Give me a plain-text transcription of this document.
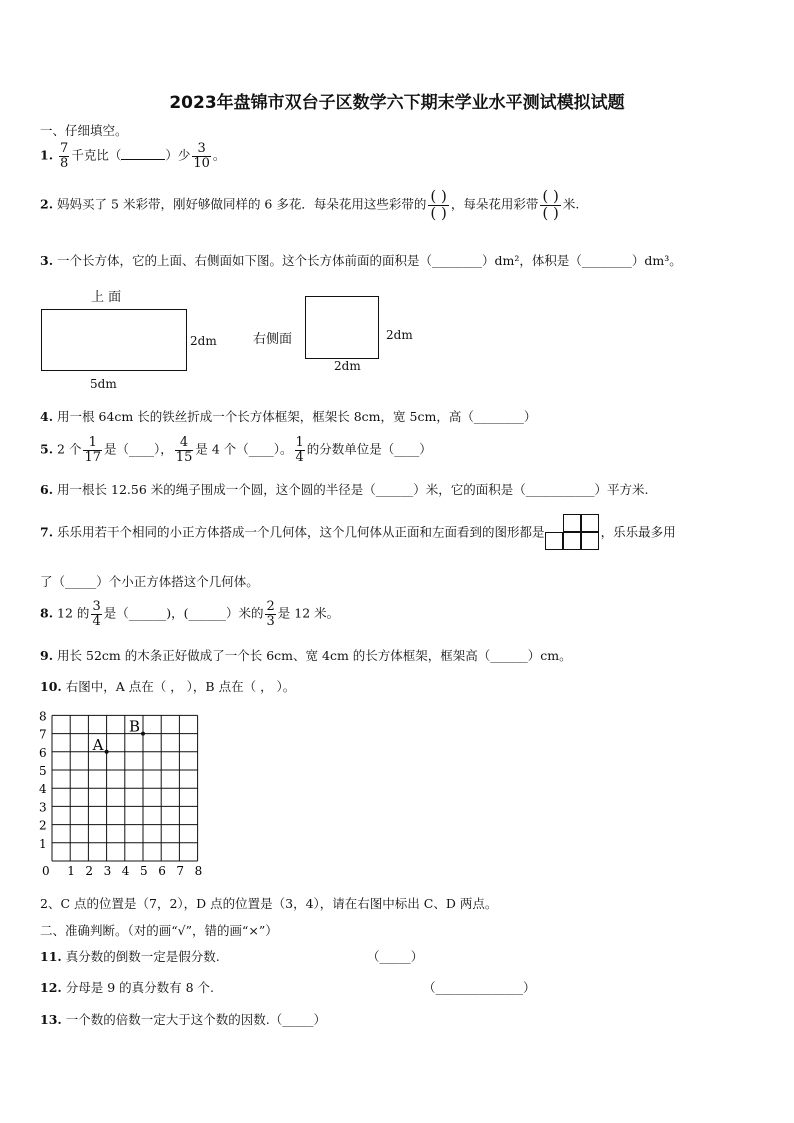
2023年盘锦市双台子区数学六下期末学业水平测试模拟试题
一、仔细填空。
1. $\frac{7}{8}$ 千克比（	）少 $\frac{3}{10}$ 。
2. 妈妈买了 5 米彩带，刚好够做同样的 6 多花．每朵花用这些彩带的 ( )
( ) ，每朵花用彩带 ( )
( ) 米.
3. 一个长方体，它的上面、右侧面如下图。这个长方体前面的面积是（________）dm²，体积是（________）dm³。
上 面
2dm
5dm
右侧面	2dm
2dm
4. 用一根 64cm 长的铁丝折成一个长方体框架，框架长 8cm，宽 5cm，高（________）
5. 2 个 $\frac{1}{17}$ 是（____）， $\frac{4}{15}$ 是 4 个（____）。 $\frac{1}{4}$ 的分数单位是（____）
6. 用一根长 12.56 米的绳子围成一个圆，这个圆的半径是（______）米，它的面积是（___________）平方米.
7. 乐乐用若干个相同的小正方体搭成一个几何体，这个几何体从正面和左面看到的图形都是	，乐乐最多用
了（_____）个小正方体搭这个几何体。
8. 12 的 $\frac{3}{4}$ 是（______)，(______）米的 $\frac{2}{3}$ 是 12 米。
9. 用长 52cm 的木条正好做成了一个长 6cm、宽 4cm 的长方体框架，框架高（______）cm。
10. 右图中，A 点在（ ， ），B 点在（ ， ）。
0 1 2 3 4 5 6 7 8
1
2
3
4
5
6
7
8
A
B
2、C 点的位置是（7，2），D 点的位置是（3，4），请在右图中标出 C、D 两点。
二、准确判断。（对的画“√”，错的画“×”）
11. 真分数的倒数一定是假分数.	（_____）
12. 分母是 9 的真分数有 8 个.	（______________）
13. 一个数的倍数一定大于这个数的因数.（_____）
